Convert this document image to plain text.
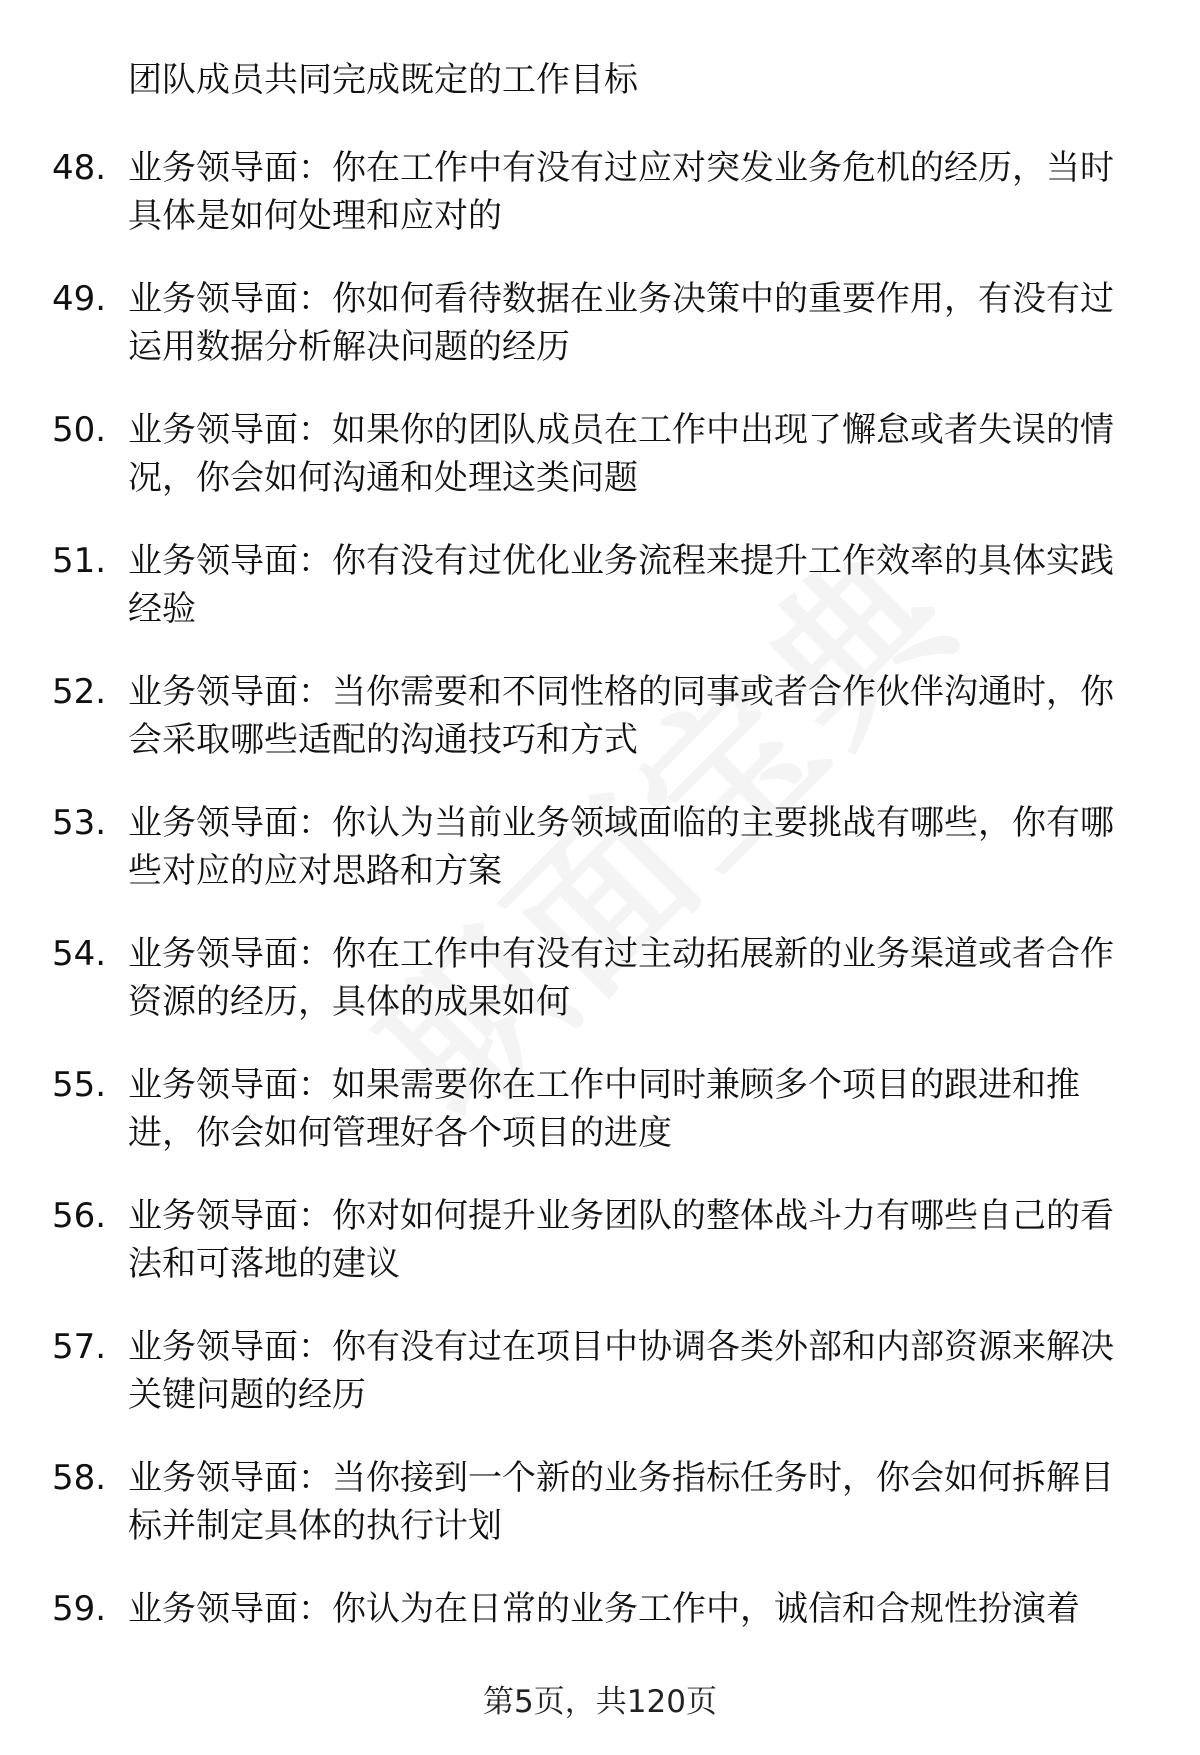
团队成员共同完成既定的工作目标
48. 业务领导面：你在工作中有没有过应对突发业务危机的经历，当时具体是如何处理和应对的
49. 业务领导面：你如何看待数据在业务决策中的重要作用，有没有过运用数据分析解决问题的经历
50. 业务领导面：如果你的团队成员在工作中出现了懈怠或者失误的情况，你会如何沟通和处理这类问题
51. 业务领导面：你有没有过优化业务流程来提升工作效率的具体实践经验
52. 业务领导面：当你需要和不同性格的同事或者合作伙伴沟通时，你会采取哪些适配的沟通技巧和方式
53. 业务领导面：你认为当前业务领域面临的主要挑战有哪些，你有哪些对应的应对思路和方案
54. 业务领导面：你在工作中有没有过主动拓展新的业务渠道或者合作资源的经历，具体的成果如何
55. 业务领导面：如果需要你在工作中同时兼顾多个项目的跟进和推进，你会如何管理好各个项目的进度
56. 业务领导面：你对如何提升业务团队的整体战斗力有哪些自己的看法和可落地的建议
57. 业务领导面：你有没有过在项目中协调各类外部和内部资源来解决关键问题的经历
58. 业务领导面：当你接到一个新的业务指标任务时，你会如何拆解目标并制定具体的执行计划
59. 业务领导面：你认为在日常的业务工作中，诚信和合规性扮演着
第5页，共120页
